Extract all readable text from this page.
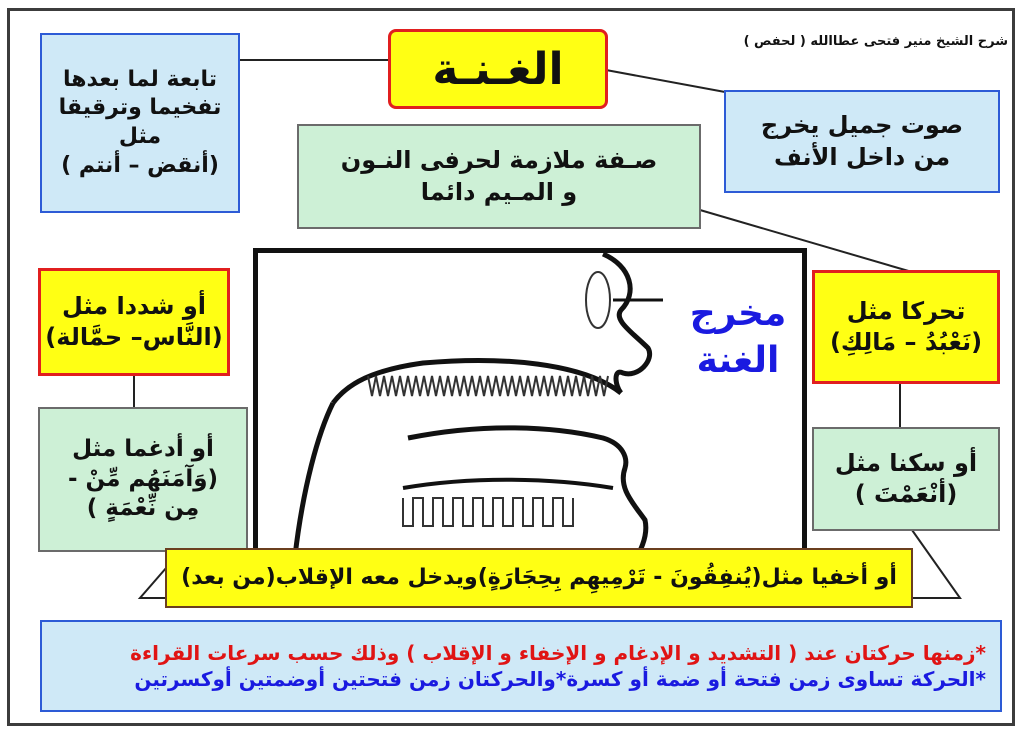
شرح الشيخ منير فتحى عطاالله ( لحفص )
الغـنـة
صوت جميل يخرج
من داخل الأنف
تابعة لما بعدها
تفخيما وترقيقا
مثل
(أنقض – أنتم )	صـفة ملازمة لحرفى النـون
و المـيم دائما
مخرج
الغنة
تحركا مثل
(نَعْبُدُ – مَالِكِ)
أو شددا مثل
(النَّاس– حمَّالة)
أو أدغما مثل
(وَآمَنَهُم مِّنْ -
مِن نِّعْمَةٍ )
أو سكنا مثل
(أنْعَمْتَ )
أو أخفيا مثل(يُنفِقُونَ - تَرْمِيهِم بِحِجَارَةٍ)ويدخل معه الإقلاب(من بعد)
*زمنها حركتان عند ( التشديد و الإدغام و الإخفاء و الإقلاب ) وذلك حسب سرعات القراءة
*الحركة تساوى زمن فتحة أو ضمة أو كسرة*والحركتان زمن فتحتين أوضمتين أوكسرتين
